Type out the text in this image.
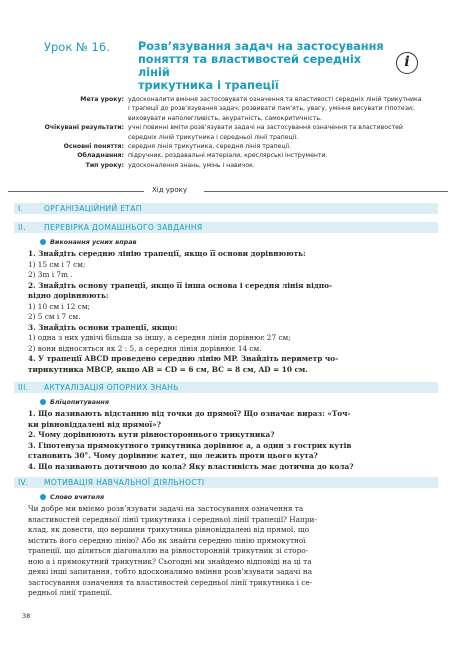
Урок № 16. Розв’язування задач на застосування
поняття та властивостей середніх ліній
трикутника і трапеції
i
Мета уроку: удосконалити вміння застосовувати означення та властивості середніх ліній трикутника
і трапеції до розв’язування задач; розвивати пам’ять, увагу, уміння висувати гіпотези;
виховувати наполегливість, акуратність, самокритичність.
Очікувані результати: учні повинні вміти розв’язувати задачі на застосування означення та властивостей
середніх ліній трикутника і середньої лінії трапеції.
Основні поняття: середня лінія трикутника, середня лінія трапеції.
Обладнання: підручник, роздавальні матеріали, креслярські інструменти.
Тип уроку: удосконалення знань, умінь і навичок.
Хід уроку
I.	ОРГАНІЗАЦІЙНИЙ ЕТАП
II. ПЕРЕВІРКА ДОМАШНЬОГО ЗАВДАННЯ
Виконання усних вправ
1. Знайдіть середню лінію трапеції, якщо її основи дорівнюють:
1) 15 см і 7 см;
2) 3m і 7m .
2. Знайдіть основу трапеції, якщо її інша основа і середня лінія відпо-
відно дорівнюють:
1) 10 см і 12 см;
2) 5 см і 7 см.
3. Знайдіть основи трапеції, якщо:
1) одна з них удвічі більша за іншу, а середня лінія дорівнює 27 см;
2) вони відносяться як 2 : 5, а середня лінія дорівнює 14 см.
4. У трапеції ABCD проведено середню лінію MP. Знайдіть периметр чо-
тирикутника MBCP, якщо AB = CD = 6 см, BC = 8 см, AD = 10 см.
III. АКТУАЛІЗАЦІЯ ОПОРНИХ ЗНАНЬ
Бліцопитування
1. Що називають відстанню від точки до прямої? Що означає вираз: «Точ-
ки рівновіддалені від прямої»?
2. Чому дорівнюють кути рівностороннього трикутника?
3. Гіпотенуза прямокутного трикутника дорівнює a, а один з гострих кутів
становить 30°. Чому дорівнює катет, що лежить проти цього кута?
4. Що називають дотичною до кола? Яку властивість має дотична до кола?
IV. МОТИВАЦІЯ НАВЧАЛЬНОЇ ДІЯЛЬНОСТІ
Слово вчителя
Чи добре ми вміємо розв’язувати задачі на застосування означення та
властивостей середньої лінії трикутника і середньої лінії трапеції? Напри-
клад, як довести, що вершини трикутника рівновіддалені від прямої, що
містить його середню лінію? Або як знайти середню лінію прямокутної
трапеції, що ділиться діагоналлю на рівносторонній трикутник зі сторо-
ною a і прямокутний трикутник? Сьогодні ми знайдемо відповіді на ці та
деякі інші запитання, тобто вдосконалимо вміння розв’язувати задачі на
застосування означення та властивостей середньої лінії трикутника і се-
редньої лінії трапеції.
38
